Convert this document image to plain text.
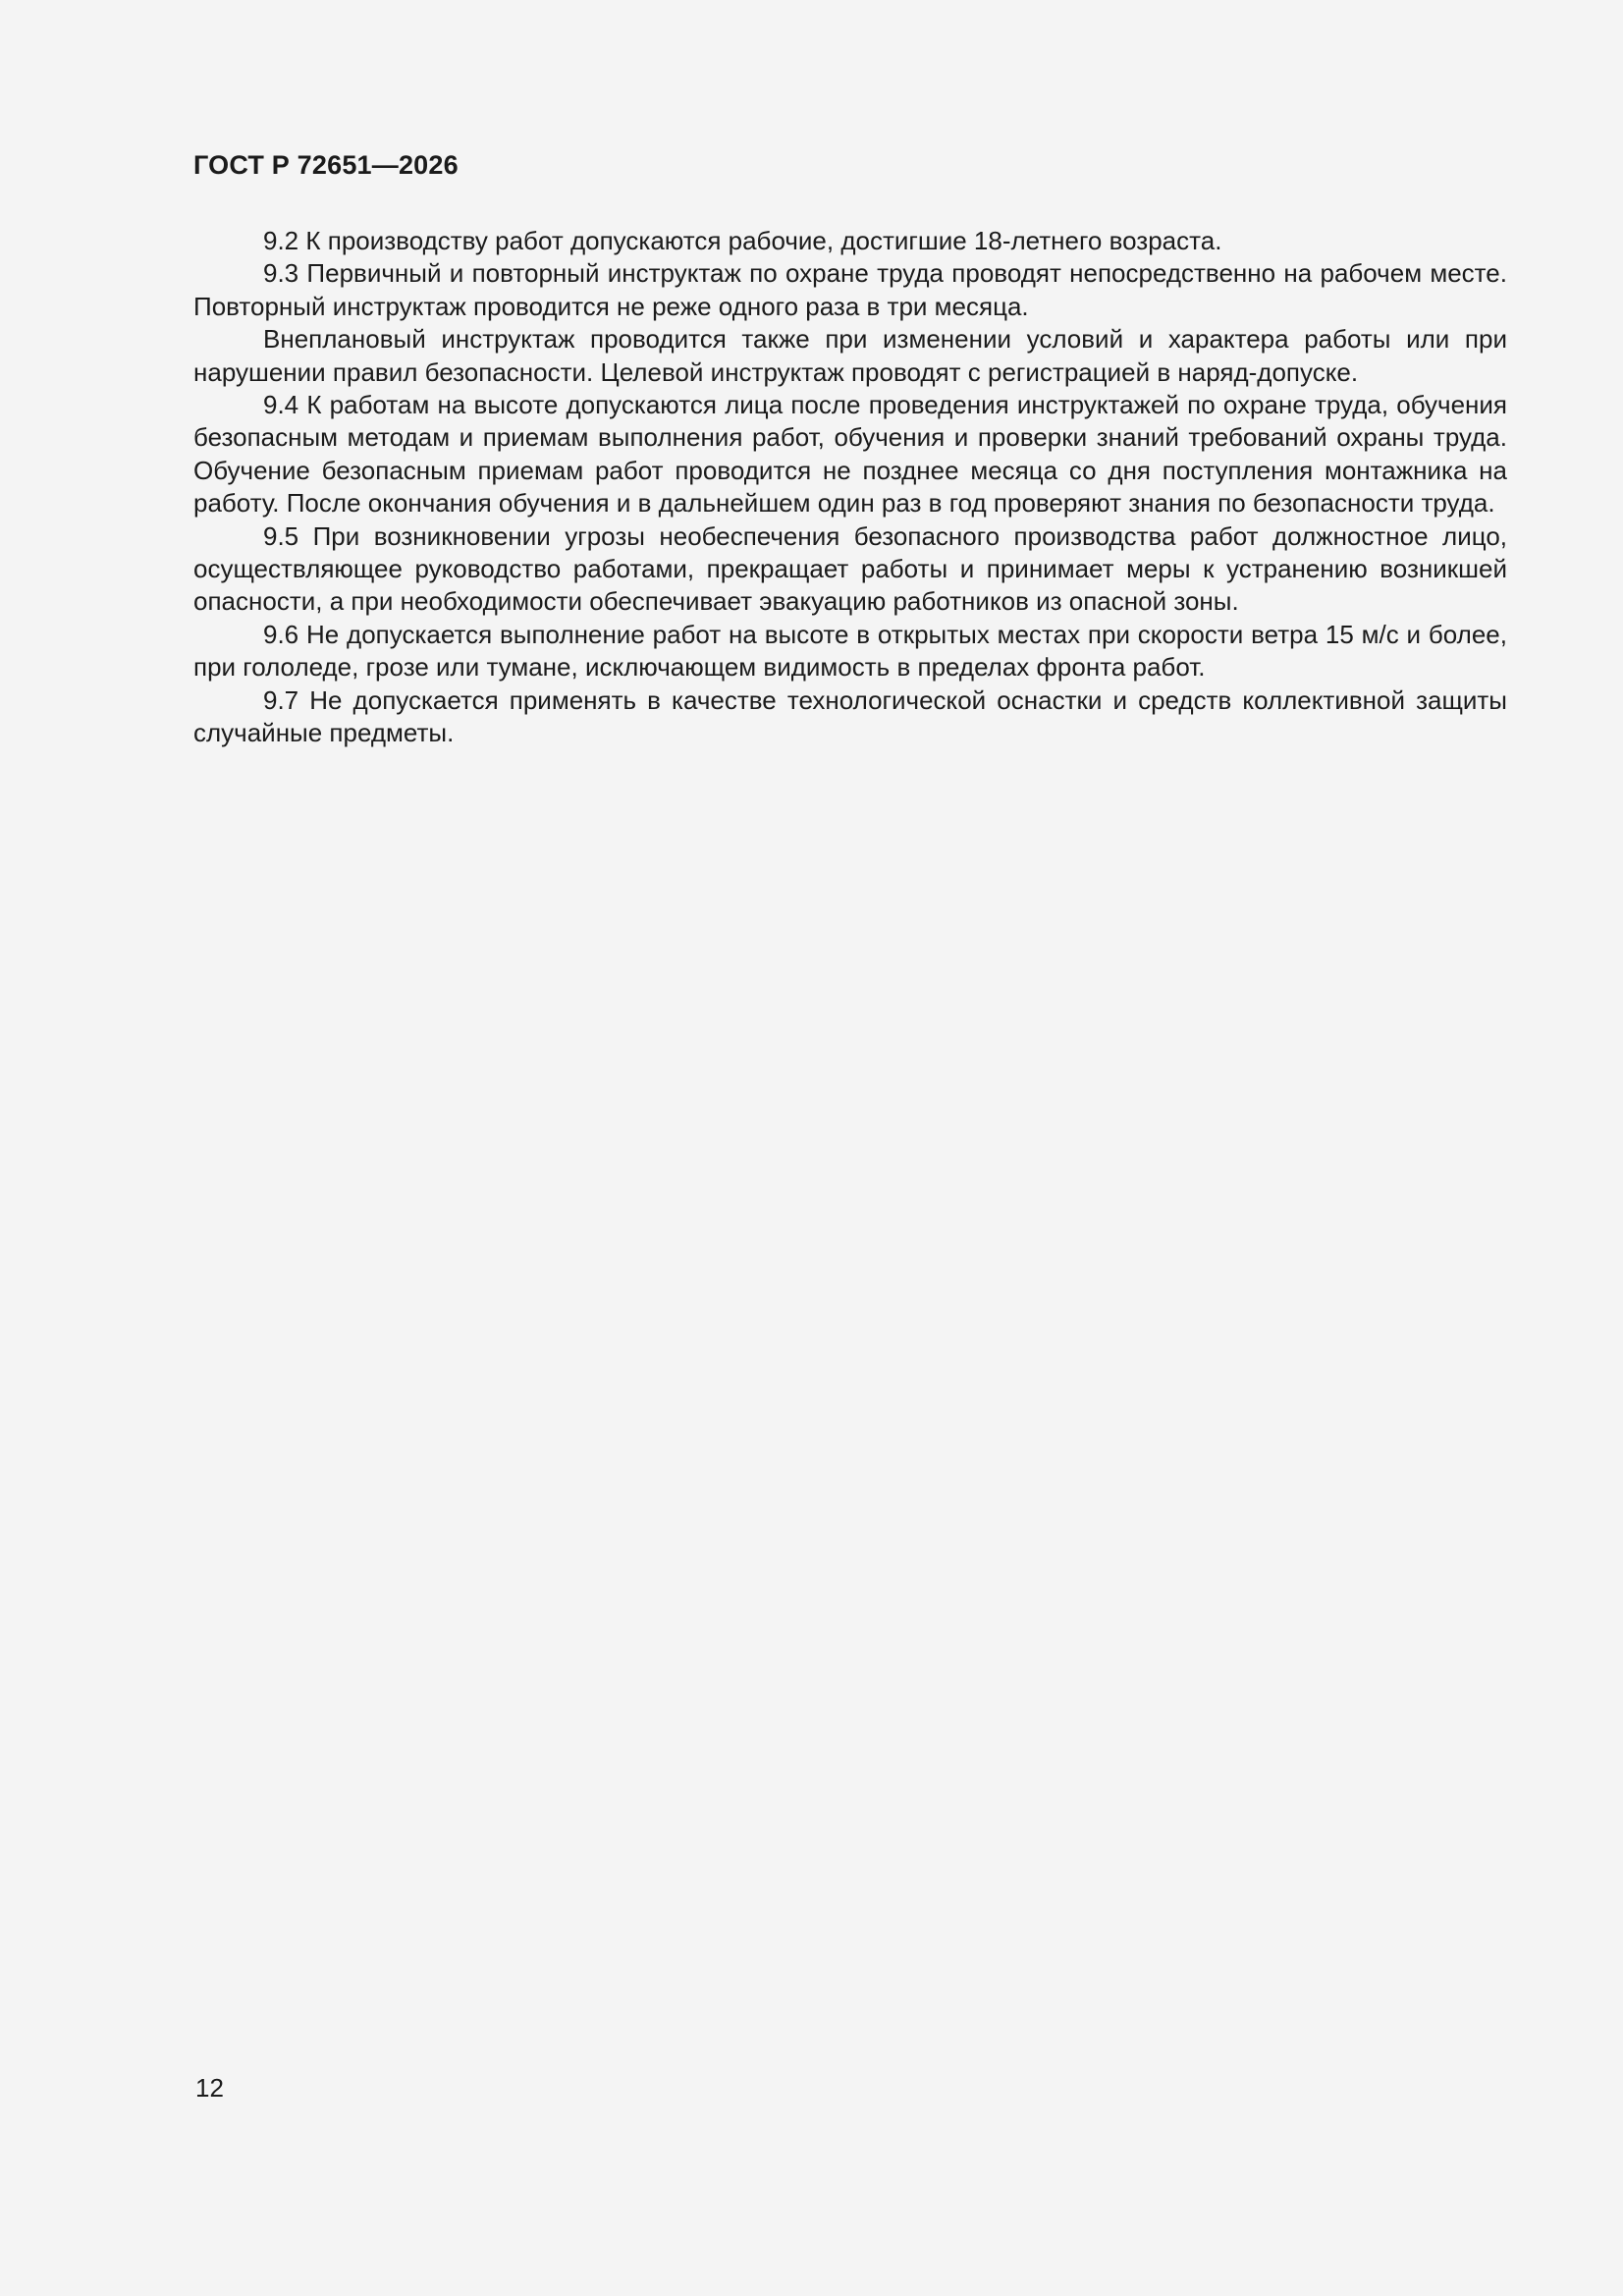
ГОСТ Р 72651—2026

9.2 К производству работ допускаются рабочие, достигшие 18-летнего возраста.

9.3 Первичный и повторный инструктаж по охране труда проводят непосредственно на рабочем месте. Повторный инструктаж проводится не реже одного раза в три месяца.

Внеплановый инструктаж проводится также при изменении условий и характера работы или при нарушении правил безопасности. Целевой инструктаж проводят с регистрацией в наряд-допуске.

9.4 К работам на высоте допускаются лица после проведения инструктажей по охране труда, обучения безопасным методам и приемам выполнения работ, обучения и проверки знаний требований охраны труда. Обучение безопасным приемам работ проводится не позднее месяца со дня поступления монтажника на работу. После окончания обучения и в дальнейшем один раз в год проверяют знания по безопасности труда.

9.5 При возникновении угрозы необеспечения безопасного производства работ должностное лицо, осуществляющее руководство работами, прекращает работы и принимает меры к устранению возникшей опасности, а при необходимости обеспечивает эвакуацию работников из опасной зоны.

9.6 Не допускается выполнение работ на высоте в открытых местах при скорости ветра 15 м/с и более, при гололеде, грозе или тумане, исключающем видимость в пределах фронта работ.

9.7 Не допускается применять в качестве технологической оснастки и средств коллективной защиты случайные предметы.

12
